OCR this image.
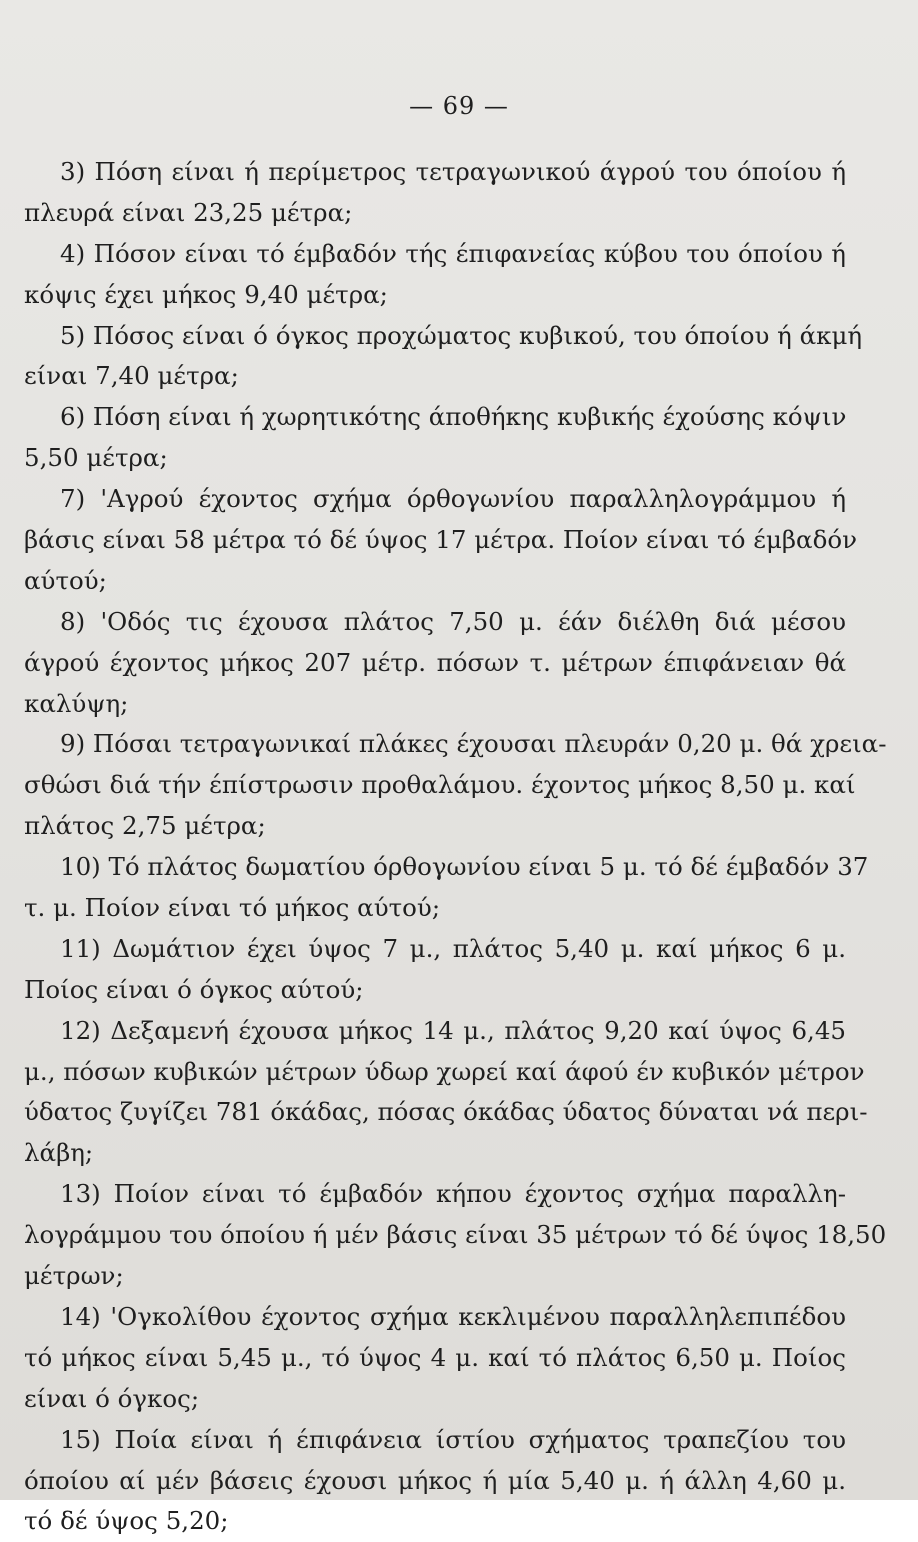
— 69 —
3) Πόση είναι ή περίμετρος τετραγωνικού άγρού του όποίου ή
πλευρά είναι 23,25 μέτρα;
4) Πόσον είναι τό έμβαδόν τής έπιφανείας κύβου του όποίου ή
κόψις έχει μήκος 9,40 μέτρα;
5) Πόσος είναι ό όγκος προχώματος κυβικού, του όποίου ή άκμή
είναι 7,40 μέτρα;
6) Πόση είναι ή χωρητικότης άποθήκης κυβικής έχούσης κόψιν
5,50 μέτρα;
7) 'Αγρού έχοντος σχήμα όρθογωνίου παραλληλογράμμου ή
βάσις είναι 58 μέτρα τό δέ ύψος 17 μέτρα. Ποίον είναι τό έμβαδόν
αύτού;
8) 'Οδός τις έχουσα πλάτος 7,50 μ. έάν διέλθη διά μέσου
άγρού έχοντος μήκος 207 μέτρ. πόσων τ. μέτρων έπιφάνειαν θά
καλύψη;
9) Πόσαι τετραγωνικαί πλάκες έχουσαι πλευράν 0,20 μ. θά χρεια-
σθώσι διά τήν έπίστρωσιν προθαλάμου. έχοντος μήκος 8,50 μ. καί
πλάτος 2,75 μέτρα;
10) Τό πλάτος δωματίου όρθογωνίου είναι 5 μ. τό δέ έμβαδόν 37
τ. μ. Ποίον είναι τό μήκος αύτού;
11) Δωμάτιον έχει ύψος 7 μ., πλάτος 5,40 μ. καί μήκος 6 μ.
Ποίος είναι ό όγκος αύτού;
12) Δεξαμενή έχουσα μήκος 14 μ., πλάτος 9,20 καί ύψος 6,45
μ., πόσων κυβικών μέτρων ύδωρ χωρεί καί άφού έν κυβικόν μέτρον
ύδατος ζυγίζει 781 όκάδας, πόσας όκάδας ύδατος δύναται νά περι-
λάβη;
13) Ποίον είναι τό έμβαδόν κήπου έχοντος σχήμα παραλλη-
λογράμμου του όποίου ή μέν βάσις είναι 35 μέτρων τό δέ ύψος 18,50
μέτρων;
14) 'Ογκολίθου έχοντος σχήμα κεκλιμένου παραλληλεπιπέδου
τό μήκος είναι 5,45 μ., τό ύψος 4 μ. καί τό πλάτος 6,50 μ. Ποίος
είναι ό όγκος;
15) Ποία είναι ή έπιφάνεια ίστίου σχήματος τραπεζίου του
όποίου αί μέν βάσεις έχουσι μήκος ή μία 5,40 μ. ή άλλη 4,60 μ.
τό δέ ύψος 5,20;
